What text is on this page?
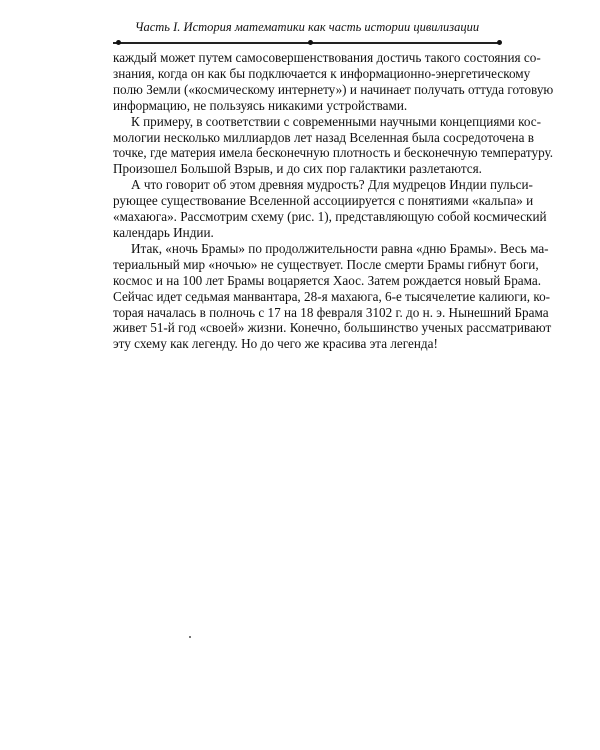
Часть I. История математики как часть истории цивилизации
каждый может путем самосовершенствования достичь такого состояния со-
знания, когда он как бы подключается к информационно-энергетическому
полю Земли («космическому интернету») и начинает получать оттуда готовую
информацию, не пользуясь никакими устройствами.
К примеру, в соответствии с современными научными концепциями кос-
мологии несколько миллиардов лет назад Вселенная была сосредоточена в
точке, где материя имела бесконечную плотность и бесконечную температуру.
Произошел Большой Взрыв, и до сих пор галактики разлетаются.
А что говорит об этом древняя мудрость? Для мудрецов Индии пульси-
рующее существование Вселенной ассоциируется с понятиями «кальпа» и
«махаюга». Рассмотрим схему (рис. 1), представляющую собой космический
календарь Индии.
Итак, «ночь Брамы» по продолжительности равна «дню Брамы». Весь ма-
териальный мир «ночью» не существует. После смерти Брамы гибнут боги,
космос и на 100 лет Брамы воцаряется Хаос. Затем рождается новый Брама.
Сейчас идет седьмая манвантара, 28-я махаюга, 6-е тысячелетие калиюги, ко-
торая началась в полночь с 17 на 18 февраля 3102 г. до н. э. Нынешний Брама
живет 51-й год «своей» жизни. Конечно, большинство ученых рассматривают
эту схему как легенду. Но до чего же красива эта легенда!
